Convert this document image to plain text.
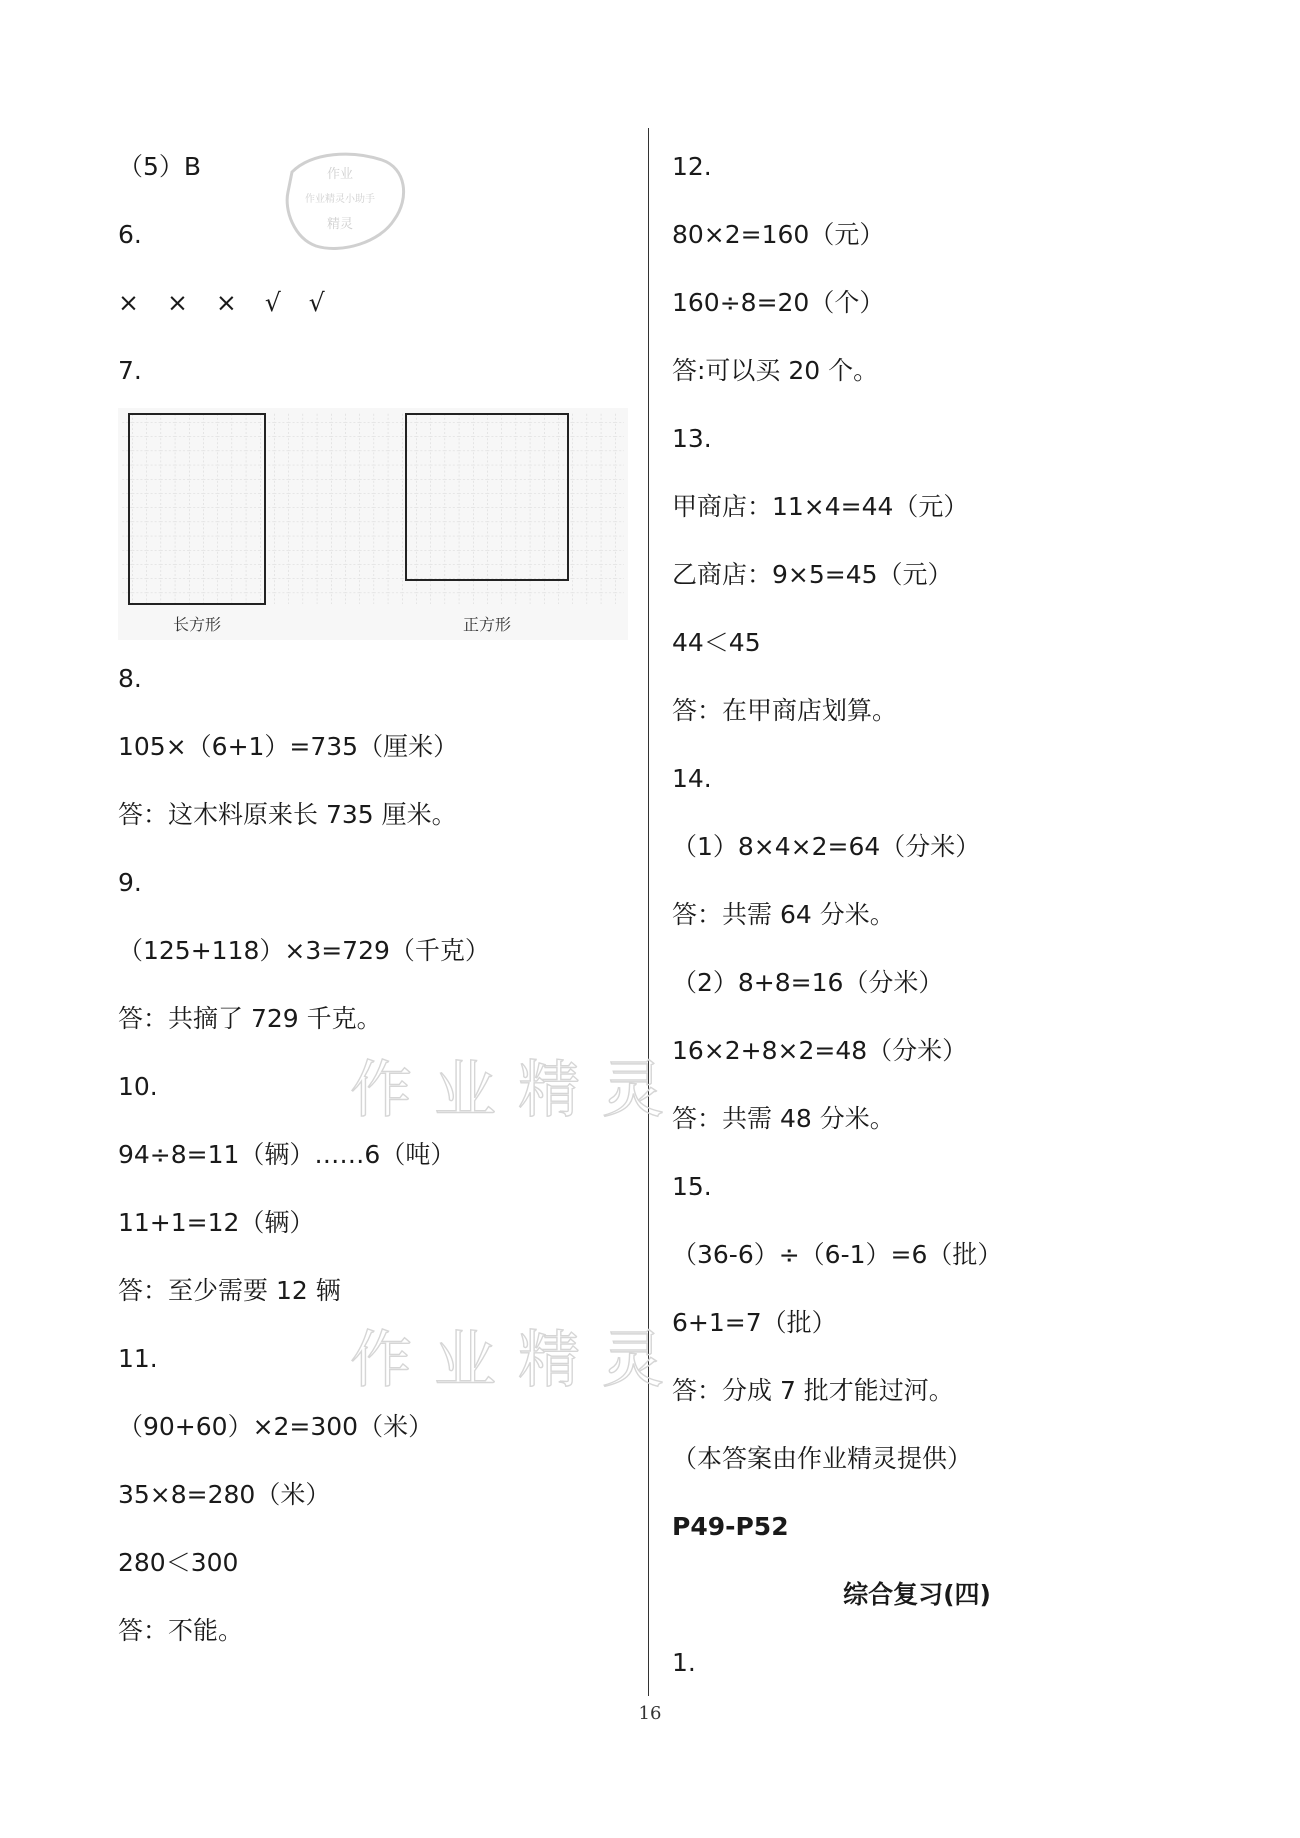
（5）B
6.
× × × √ √
7.
8.
105×（6+1）=735（厘米）
答：这木料原来长 735 厘米。
9.
（125+118）×3=729（千克）
答：共摘了 729 千克。
10.
94÷8=11（辆）……6（吨）
11+1=12（辆）
答：至少需要 12 辆
11.
（90+60）×2=300（米）
35×8=280（米）
280＜300
答：不能。
长方形	正方形
12.
80×2=160（元）
160÷8=20（个）
答:可以买 20 个。
13.
甲商店：11×4=44（元）
乙商店：9×5=45（元）
44＜45
答：在甲商店划算。
14.
（1）8×4×2=64（分米）
答：共需 64 分米。
（2）8+8=16（分米）
16×2+8×2=48（分米）
答：共需 48 分米。
15.
（36-6）÷（6-1）=6（批）
6+1=7（批）
答：分成 7 批才能过河。
（本答案由作业精灵提供）
P49-P52
综合复习(四)
1.
作业
作业精灵小助手
精灵
作业精灵
作业精灵
16
